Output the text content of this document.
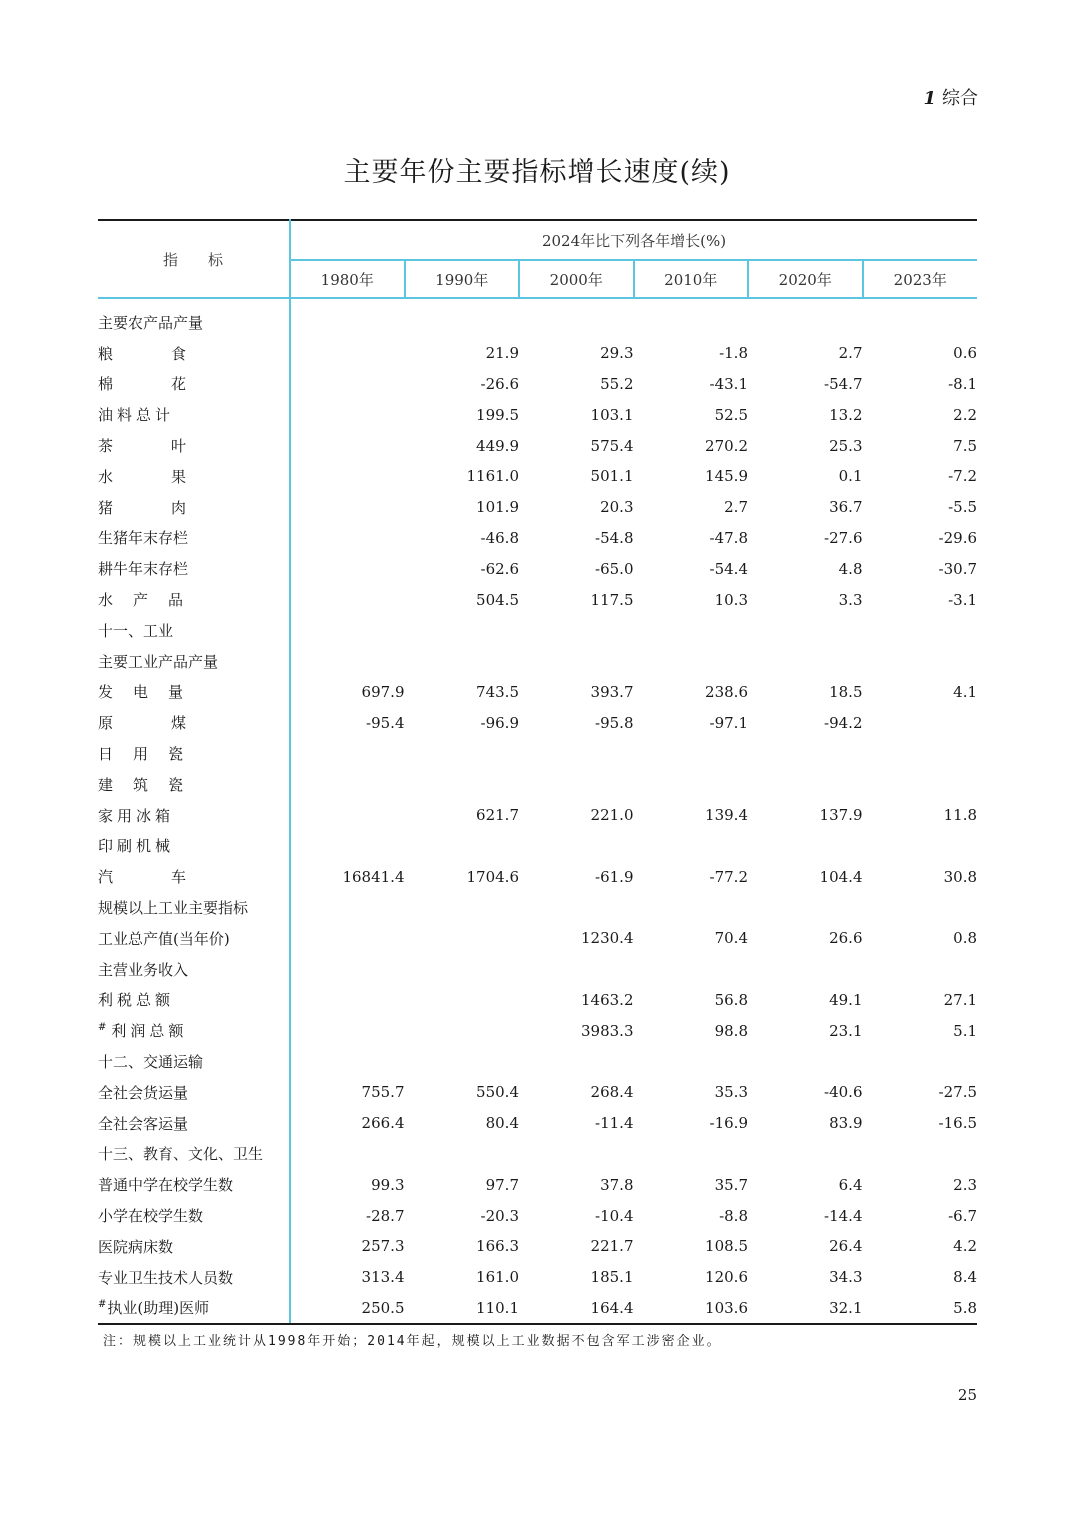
1 综合
主要年份主要指标增长速度(续)
指标	2024年比下列各年增长(%)					
	1980年	1990年	2000年	2010年	2020年	2023年
主要农产品产量						
粮食		21.9	29.3	-1.8	2.7	0.6
棉花		-26.6	55.2	-43.1	-54.7	-8.1
油料总计		199.5	103.1	52.5	13.2	2.2
茶叶		449.9	575.4	270.2	25.3	7.5
水果		1161.0	501.1	145.9	0.1	-7.2
猪肉		101.9	20.3	2.7	36.7	-5.5
生猪年末存栏		-46.8	-54.8	-47.8	-27.6	-29.6
耕牛年末存栏		-62.6	-65.0	-54.4	4.8	-30.7
水产品		504.5	117.5	10.3	3.3	-3.1
十一、工业						
主要工业产品产量						
发电量	697.9	743.5	393.7	238.6	18.5	4.1
原煤	-95.4	-96.9	-95.8	-97.1	-94.2	
日用瓷						
建筑瓷						
家用冰箱		621.7	221.0	139.4	137.9	11.8
印刷机械						
汽车	16841.4	1704.6	-61.9	-77.2	104.4	30.8
规模以上工业主要指标						
工业总产值(当年价)			1230.4	70.4	26.6	0.8
主营业务收入						
利税总额			1463.2	56.8	49.1	27.1
#利润总额			3983.3	98.8	23.1	5.1
十二、交通运输						
全社会货运量	755.7	550.4	268.4	35.3	-40.6	-27.5
全社会客运量	266.4	80.4	-11.4	-16.9	83.9	-16.5
十三、教育、文化、卫生						
普通中学在校学生数	99.3	97.7	37.8	35.7	6.4	2.3
小学在校学生数	-28.7	-20.3	-10.4	-8.8	-14.4	-6.7
医院病床数	257.3	166.3	221.7	108.5	26.4	4.2
专业卫生技术人员数	313.4	161.0	185.1	120.6	34.3	8.4
#执业(助理)医师	250.5	110.1	164.4	103.6	32.1	5.8
注：规模以上工业统计从1998年开始；2014年起，规模以上工业数据不包含军工涉密企业。
25
